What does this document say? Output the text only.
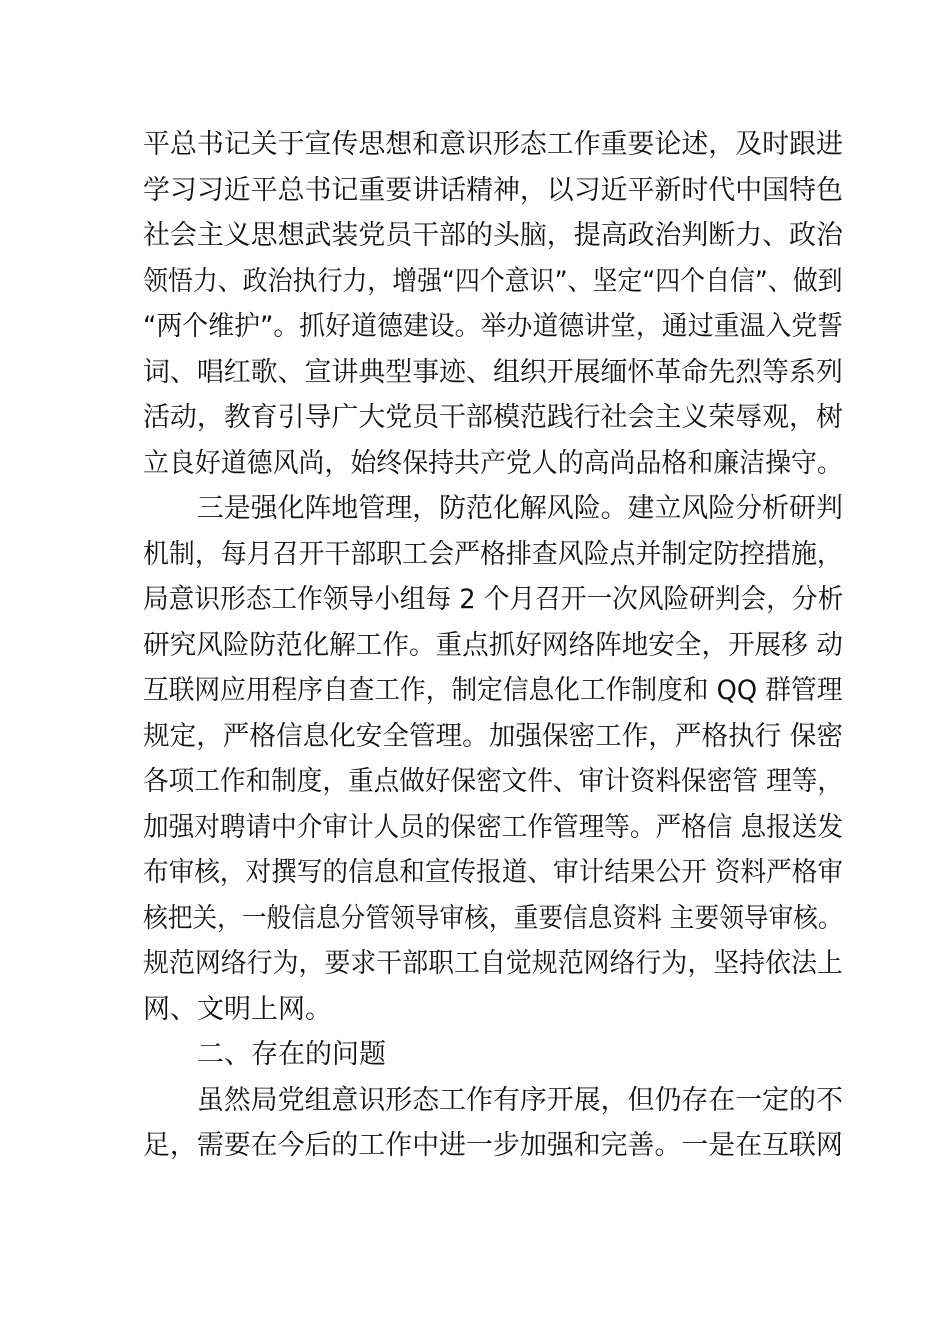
平总书记关于宣传思想和意识形态工作重要论述，及时跟进
学习习近平总书记重要讲话精神，以习近平新时代中国特色
社会主义思想武装党员干部的头脑，提高政治判断力、政治
领悟力、政治执行力，增强“四个意识”、坚定“四个自信”、做到
“两个维护”。抓好道德建设。举办道德讲堂，通过重温入党誓
词、唱红歌、宣讲典型事迹、组织开展缅怀革命先烈等系列
活动，教育引导广大党员干部模范践行社会主义荣辱观，树
立良好道德风尚，始终保持共产党人的高尚品格和廉洁操守。
三是强化阵地管理，防范化解风险。建立风险分析研判
机制，每月召开干部职工会严格排查风险点并制定防控措施，
局意识形态工作领导小组每 2 个月召开一次风险研判会，分析
研究风险防范化解工作。重点抓好网络阵地安全，开展移 动
互联网应用程序自查工作，制定信息化工作制度和 QQ 群管理
规定，严格信息化安全管理。加强保密工作，严格执行 保密
各项工作和制度，重点做好保密文件、审计资料保密管 理等，
加强对聘请中介审计人员的保密工作管理等。严格信 息报送发
布审核，对撰写的信息和宣传报道、审计结果公开 资料严格审
核把关，一般信息分管领导审核，重要信息资料 主要领导审核。
规范网络行为，要求干部职工自觉规范网络行为，坚持依法上
网、文明上网。
二、存在的问题
虽然局党组意识形态工作有序开展，但仍存在一定的不
足，需要在今后的工作中进一步加强和完善。一是在互联网
